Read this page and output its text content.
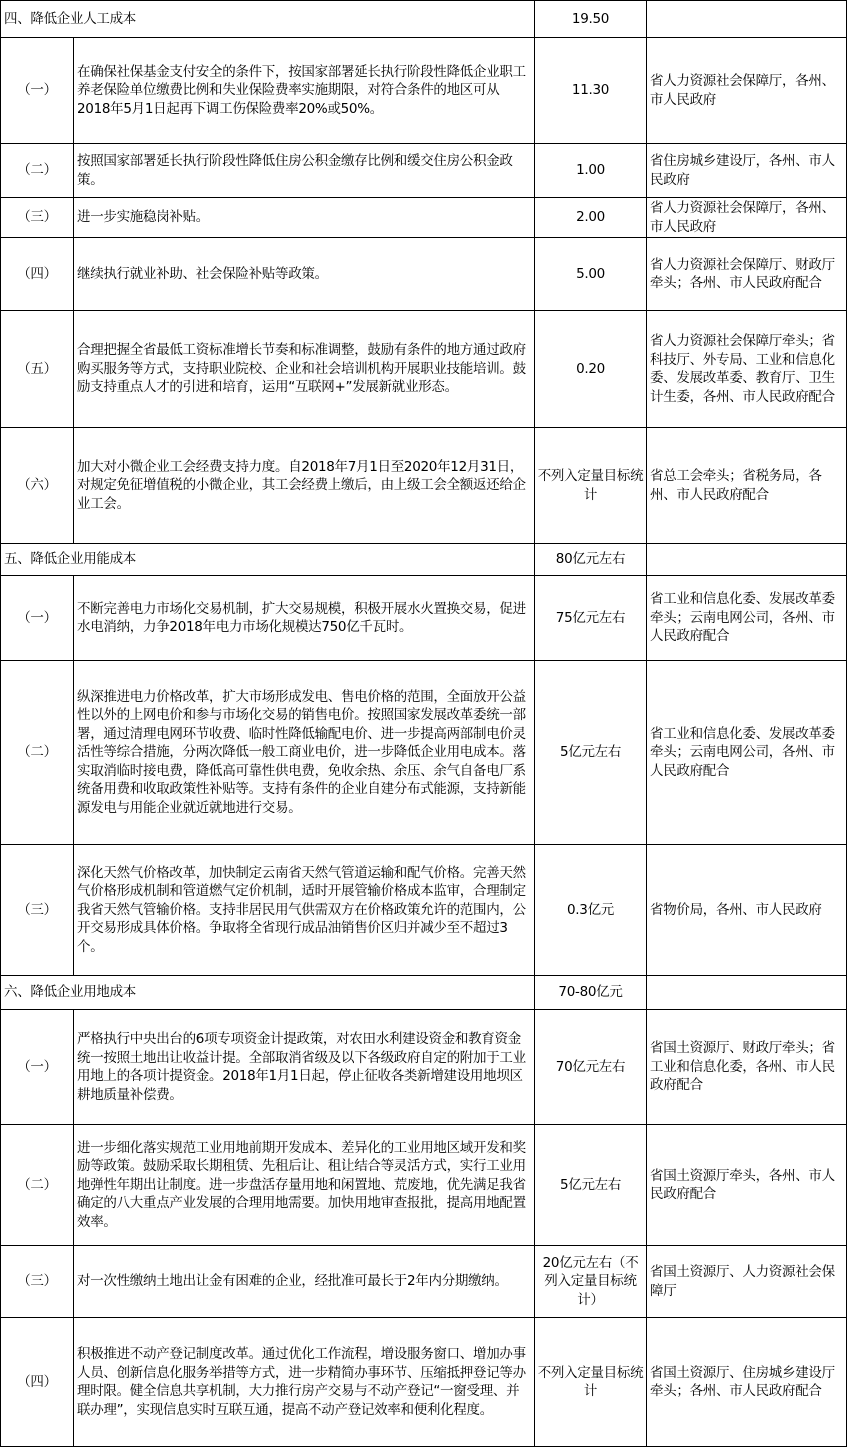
四、降低企业人工成本		19.50	
（一）	在确保社保基金支付安全的条件下，按国家部署延长执行阶段性降低企业职工养老保险单位缴费比例和失业保险费率实施期限，对符合条件的地区可从2018年5月1日起再下调工伤保险费率20%或50%。	11.30	省人力资源社会保障厅，各州、市人民政府
（二）	按照国家部署延长执行阶段性降低住房公积金缴存比例和缓交住房公积金政策。	1.00	省住房城乡建设厅，各州、市人民政府
（三）	进一步实施稳岗补贴。	2.00	省人力资源社会保障厅，各州、市人民政府
（四）	继续执行就业补助、社会保险补贴等政策。	5.00	省人力资源社会保障厅、财政厅牵头；各州、市人民政府配合
（五）	合理把握全省最低工资标准增长节奏和标准调整，鼓励有条件的地方通过政府购买服务等方式，支持职业院校、企业和社会培训机构开展职业技能培训。鼓励支持重点人才的引进和培育，运用“互联网+”发展新就业形态。	0.20	省人力资源社会保障厅牵头；省科技厅、外专局、工业和信息化委、发展改革委、教育厅、卫生计生委，各州、市人民政府配合
（六）	加大对小微企业工会经费支持力度。自2018年7月1日至2020年12月31日，对规定免征增值税的小微企业，其工会经费上缴后，由上级工会全额返还给企业工会。	不列入定量目标统计	省总工会牵头；省税务局，各州、市人民政府配合
五、降低企业用能成本		80亿元左右	
（一）	不断完善电力市场化交易机制，扩大交易规模，积极开展水火置换交易，促进水电消纳，力争2018年电力市场化规模达750亿千瓦时。	75亿元左右	省工业和信息化委、发展改革委牵头；云南电网公司，各州、市人民政府配合
（二）	纵深推进电力价格改革，扩大市场形成发电、售电价格的范围，全面放开公益性以外的上网电价和参与市场化交易的销售电价。按照国家发展改革委统一部署，通过清理电网环节收费、临时性降低输配电价、进一步提高两部制电价灵活性等综合措施，分两次降低一般工商业电价，进一步降低企业用电成本。落实取消临时接电费，降低高可靠性供电费，免收余热、余压、余气自备电厂系统备用费和收取政策性补贴等。支持有条件的企业自建分布式能源，支持新能源发电与用能企业就近就地进行交易。	5亿元左右	省工业和信息化委、发展改革委牵头；云南电网公司，各州、市人民政府配合
（三）	深化天然气价格改革，加快制定云南省天然气管道运输和配气价格。完善天然气价格形成机制和管道燃气定价机制，适时开展管输价格成本监审，合理制定我省天然气管输价格。支持非居民用气供需双方在价格政策允许的范围内，公开交易形成具体价格。争取将全省现行成品油销售价区归并减少至不超过3个。	0.3亿元	省物价局，各州、市人民政府
六、降低企业用地成本		70-80亿元	
（一）	严格执行中央出台的6项专项资金计提政策，对农田水利建设资金和教育资金统一按照土地出让收益计提。全部取消省级及以下各级政府自定的附加于工业用地上的各项计提资金。2018年1月1日起，停止征收各类新增建设用地坝区耕地质量补偿费。	70亿元左右	省国土资源厅、财政厅牵头；省工业和信息化委，各州、市人民政府配合
（二）	进一步细化落实规范工业用地前期开发成本、差异化的工业用地区域开发和奖励等政策。鼓励采取长期租赁、先租后让、租让结合等灵活方式，实行工业用地弹性年期出让制度。进一步盘活存量用地和闲置地、荒废地，优先满足我省确定的八大重点产业发展的合理用地需要。加快用地审查报批，提高用地配置效率。	5亿元左右	省国土资源厅牵头，各州、市人民政府配合
（三）	对一次性缴纳土地出让金有困难的企业，经批准可最长于2年内分期缴纳。	20亿元左右（不列入定量目标统计）	省国土资源厅、人力资源社会保障厅
（四）	积极推进不动产登记制度改革。通过优化工作流程，增设服务窗口、增加办事人员、创新信息化服务举措等方式，进一步精简办事环节、压缩抵押登记等办理时限。健全信息共享机制，大力推行房产交易与不动产登记“一窗受理、并联办理”，实现信息实时互联互通，提高不动产登记效率和便利化程度。	不列入定量目标统计	省国土资源厅、住房城乡建设厅牵头；各州、市人民政府配合
